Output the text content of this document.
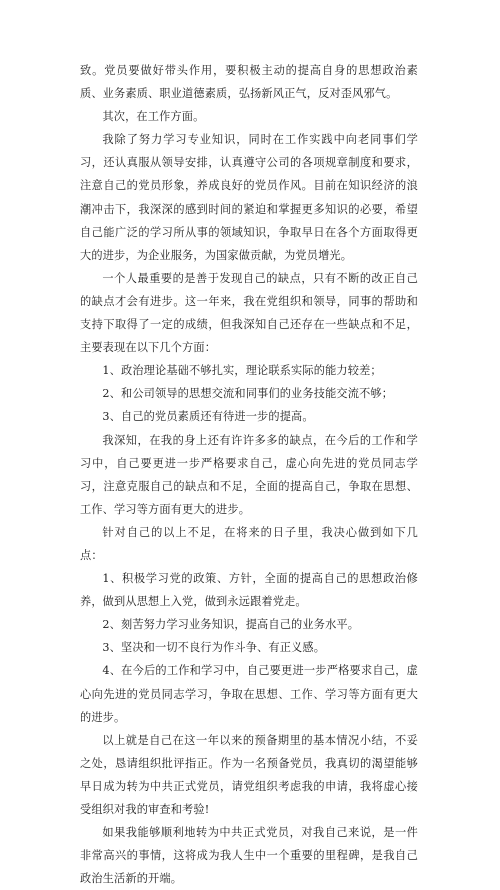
致。党员要做好带头作用，要积极主动的提高自身的思想政治素质、业务素质、职业道德素质，弘扬新风正气，反对歪风邪气。

其次，在工作方面。

我除了努力学习专业知识，同时在工作实践中向老同事们学习，还认真服从领导安排，认真遵守公司的各项规章制度和要求，注意自己的党员形象，养成良好的党员作风。目前在知识经济的浪潮冲击下，我深深的感到时间的紧迫和掌握更多知识的必要，希望自己能广泛的学习所从事的领域知识，争取早日在各个方面取得更大的进步，为企业服务，为国家做贡献，为党员增光。

一个人最重要的是善于发现自己的缺点，只有不断的改正自己的缺点才会有进步。这一年来，我在党组织和领导，同事的帮助和支持下取得了一定的成绩，但我深知自己还存在一些缺点和不足，主要表现在以下几个方面：

1、政治理论基础不够扎实，理论联系实际的能力较差；

2、和公司领导的思想交流和同事们的业务技能交流不够；

3、自己的党员素质还有待进一步的提高。

我深知，在我的身上还有许许多多的缺点，在今后的工作和学习中，自己要更进一步严格要求自己，虚心向先进的党员同志学习，注意克服自己的缺点和不足，全面的提高自己，争取在思想、工作、学习等方面有更大的进步。

针对自己的以上不足，在将来的日子里，我决心做到如下几点：

1、积极学习党的政策、方针，全面的提高自己的思想政治修养，做到从思想上入党，做到永远跟着党走。

2、刻苦努力学习业务知识，提高自己的业务水平。

3、坚决和一切不良行为作斗争、有正义感。

4、在今后的工作和学习中，自己要更进一步严格要求自己，虚心向先进的党员同志学习，争取在思想、工作、学习等方面有更大的进步。

以上就是自己在这一年以来的预备期里的基本情况小结，不妥之处，恳请组织批评指正。作为一名预备党员，我真切的渴望能够早日成为转为中共正式党员，请党组织考虑我的申请，我将虚心接受组织对我的审查和考验!

如果我能够顺利地转为中共正式党员，对我自己来说，是一件非常高兴的事情，这将成为我人生中一个重要的里程碑，是我自己政治生活新的开端。
